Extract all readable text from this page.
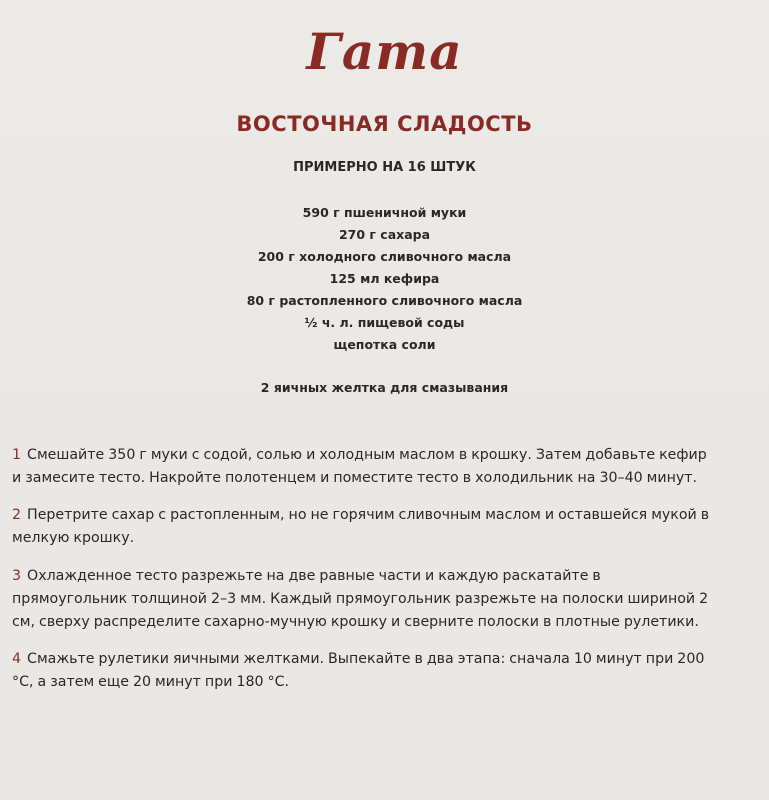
Гата
ВОСТОЧНАЯ СЛАДОСТЬ
ПРИМЕРНО НА 16 ШТУК
590 г пшеничной муки
270 г сахара
200 г холодного сливочного масла
125 мл кефира
80 г растопленного сливочного масла
½ ч. л. пищевой соды
щепотка соли
2 яичных желтка для смазывания

1 Смешайте 350 г муки с содой, солью и холодным маслом в крошку. Затем добавьте кефир и замесите тесто. Накройте полотенцем и поместите тесто в холодильник на 30–40 минут.

2 Перетрите сахар с растопленным, но не горячим сливочным маслом и оставшейся мукой в мелкую крошку.

3 Охлажденное тесто разрежьте на две равные части и каждую раскатайте в прямоугольник толщиной 2–3 мм. Каждый прямоугольник разрежьте на полоски шириной 2 см, сверху распределите сахарно-мучную крошку и сверните полоски в плотные рулетики.

4 Смажьте рулетики яичными желтками. Выпекайте в два этапа: сначала 10 минут при 200 °С, а затем еще 20 минут при 180 °С.
